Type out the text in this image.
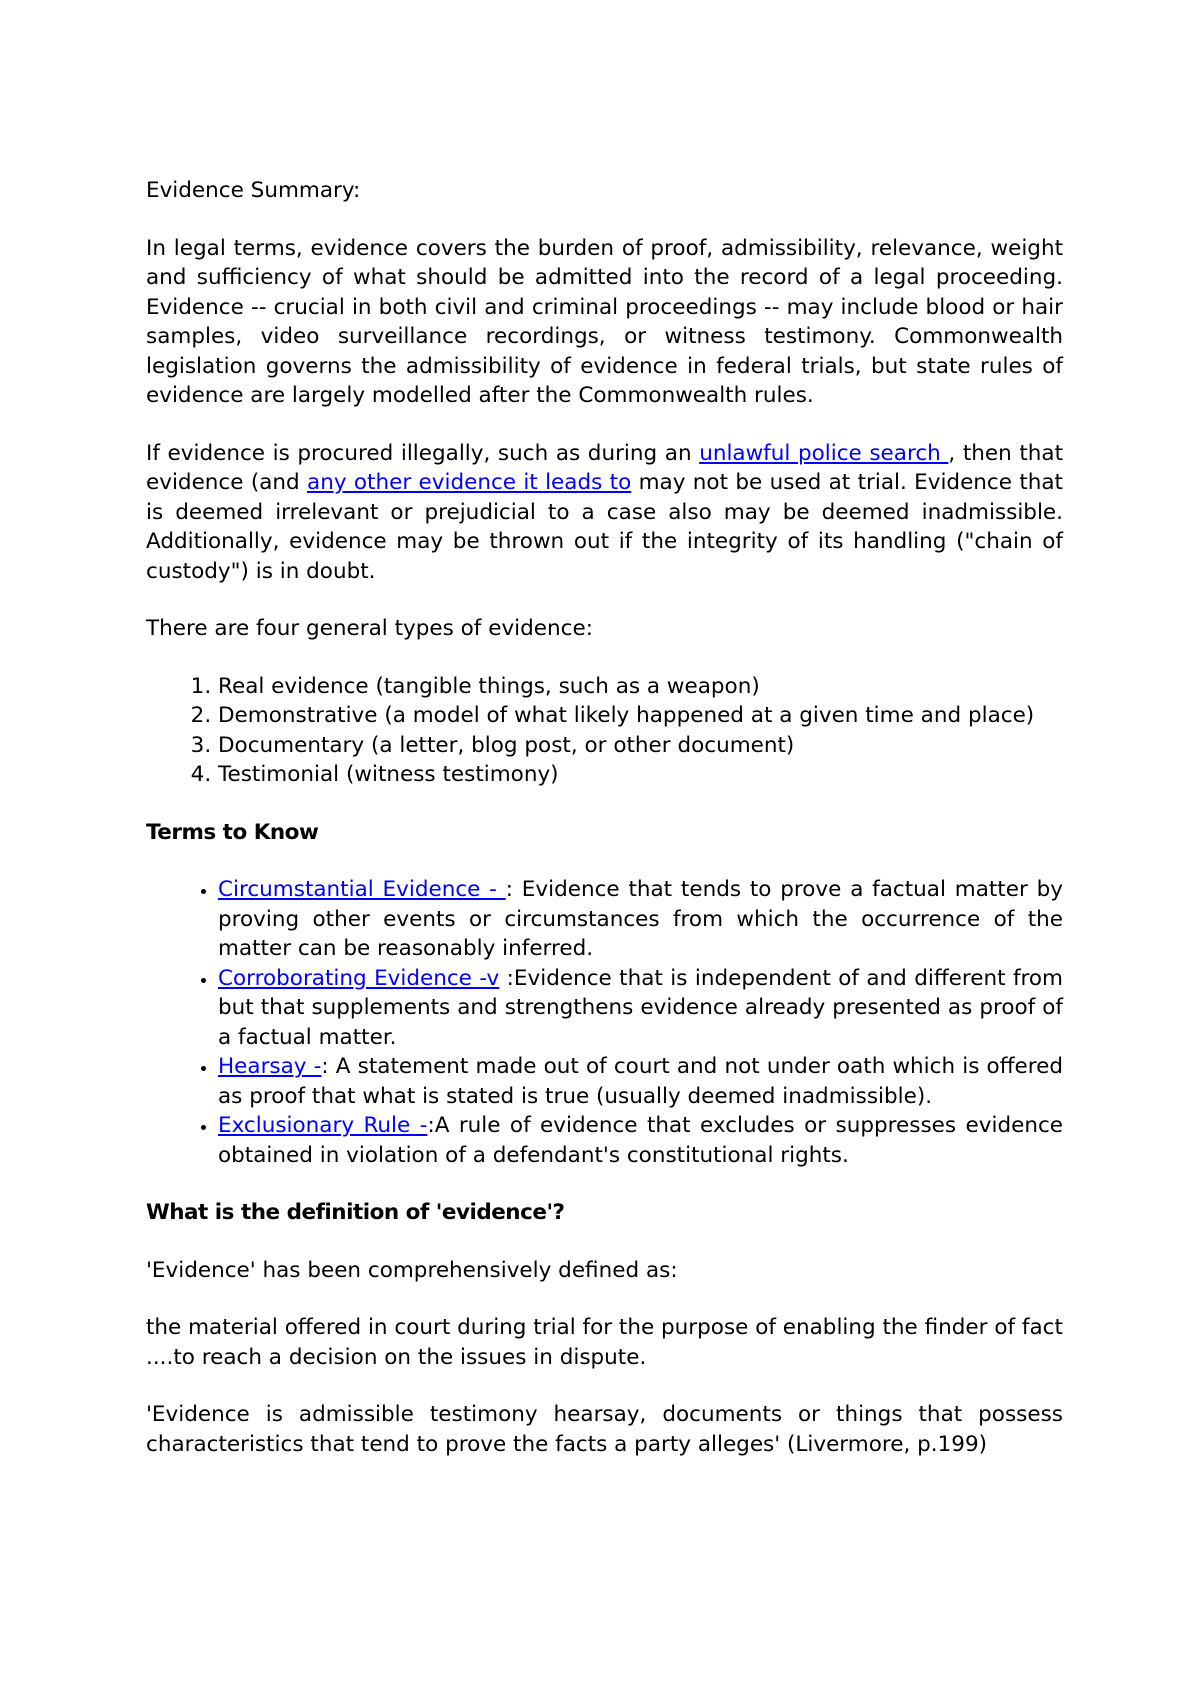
Evidence Summary:

In legal terms, evidence covers the burden of proof, admissibility, relevance, weight and sufficiency of what should be admitted into the record of a legal proceeding. Evidence -- crucial in both civil and criminal proceedings -- may include blood or hair samples, video surveillance recordings, or witness testimony. Commonwealth legislation governs the admissibility of evidence in federal trials, but state rules of evidence are largely modelled after the Commonwealth rules.

If evidence is procured illegally, such as during an unlawful police search , then that evidence (and any other evidence it leads to may not be used at trial. Evidence that is deemed irrelevant or prejudicial to a case also may be deemed inadmissible. Additionally, evidence may be thrown out if the integrity of its handling ("chain of custody") is in doubt.

There are four general types of evidence:

1. Real evidence (tangible things, such as a weapon)
2. Demonstrative (a model of what likely happened at a given time and place)
3. Documentary (a letter, blog post, or other document)
4. Testimonial (witness testimony)

Terms to Know

• Circumstantial Evidence - : Evidence that tends to prove a factual matter by proving other events or circumstances from which the occurrence of the matter can be reasonably inferred.
• Corroborating Evidence -v :Evidence that is independent of and different from but that supplements and strengthens evidence already presented as proof of a factual matter.
• Hearsay -: A statement made out of court and not under oath which is offered as proof that what is stated is true (usually deemed inadmissible).
• Exclusionary Rule -:A rule of evidence that excludes or suppresses evidence obtained in violation of a defendant's constitutional rights.

What is the definition of 'evidence'?

'Evidence' has been comprehensively defined as:

the material offered in court during trial for the purpose of enabling the finder of fact ....to reach a decision on the issues in dispute.

'Evidence is admissible testimony hearsay, documents or things that possess characteristics that tend to prove the facts a party alleges' (Livermore, p.199)
